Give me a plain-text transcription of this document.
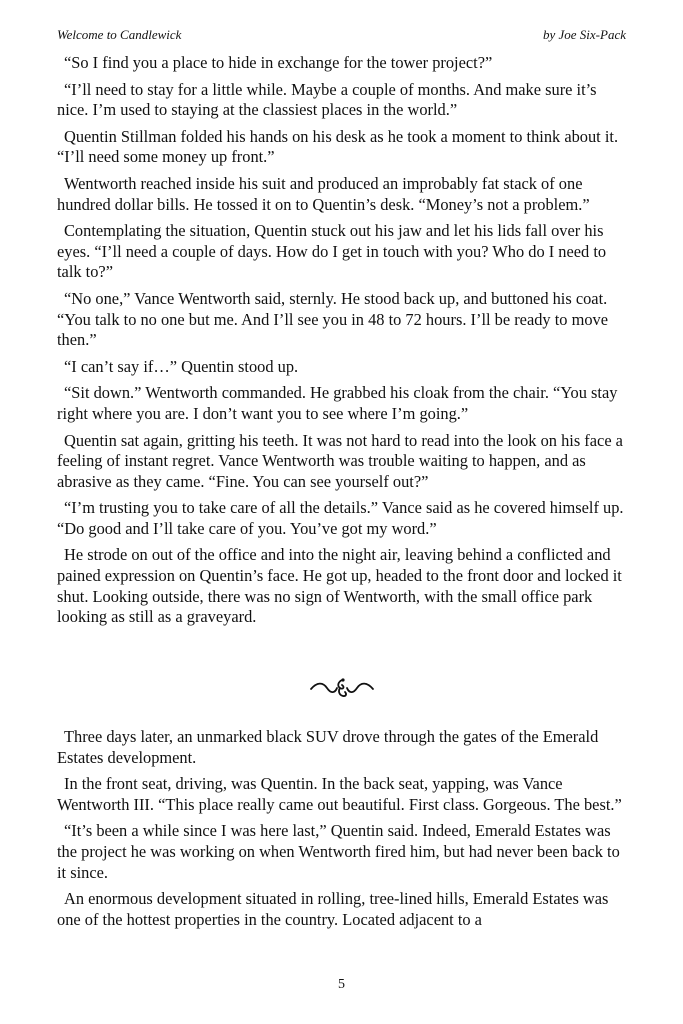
Welcome to Candlewick	by Joe Six-Pack

“So I find you a place to hide in exchange for the tower project?”

“I’ll need to stay for a little while. Maybe a couple of months. And make sure it’s nice. I’m used to staying at the classiest places in the world.”

Quentin Stillman folded his hands on his desk as he took a moment to think about it. “I’ll need some money up front.”

Wentworth reached inside his suit and produced an improbably fat stack of one hundred dollar bills. He tossed it on to Quentin’s desk. “Money’s not a problem.”

Contemplating the situation, Quentin stuck out his jaw and let his lids fall over his eyes. “I’ll need a couple of days. How do I get in touch with you? Who do I need to talk to?”

“No one,” Vance Wentworth said, sternly. He stood back up, and buttoned his coat. “You talk to no one but me. And I’ll see you in 48 to 72 hours. I’ll be ready to move then.”

“I can’t say if…” Quentin stood up.

“Sit down.” Wentworth commanded. He grabbed his cloak from the chair. “You stay right where you are. I don’t want you to see where I’m going.”

Quentin sat again, gritting his teeth. It was not hard to read into the look on his face a feeling of instant regret. Vance Wentworth was trouble waiting to happen, and as abrasive as they came. “Fine. You can see yourself out?”

“I’m trusting you to take care of all the details.” Vance said as he covered himself up. “Do good and I’ll take care of you. You’ve got my word.”

He strode on out of the office and into the night air, leaving behind a conflicted and pained expression on Quentin’s face. He got up, headed to the front door and locked it shut. Looking outside, there was no sign of Wentworth, with the small office park looking as still as a graveyard.

Three days later, an unmarked black SUV drove through the gates of the Emerald Estates development.

In the front seat, driving, was Quentin. In the back seat, yapping, was Vance Wentworth III. “This place really came out beautiful. First class. Gorgeous. The best.”

“It’s been a while since I was here last,” Quentin said. Indeed, Emerald Estates was the project he was working on when Wentworth fired him, but had never been back to it since.

An enormous development situated in rolling, tree-lined hills, Emerald Estates was one of the hottest properties in the country. Located adjacent to a

5
